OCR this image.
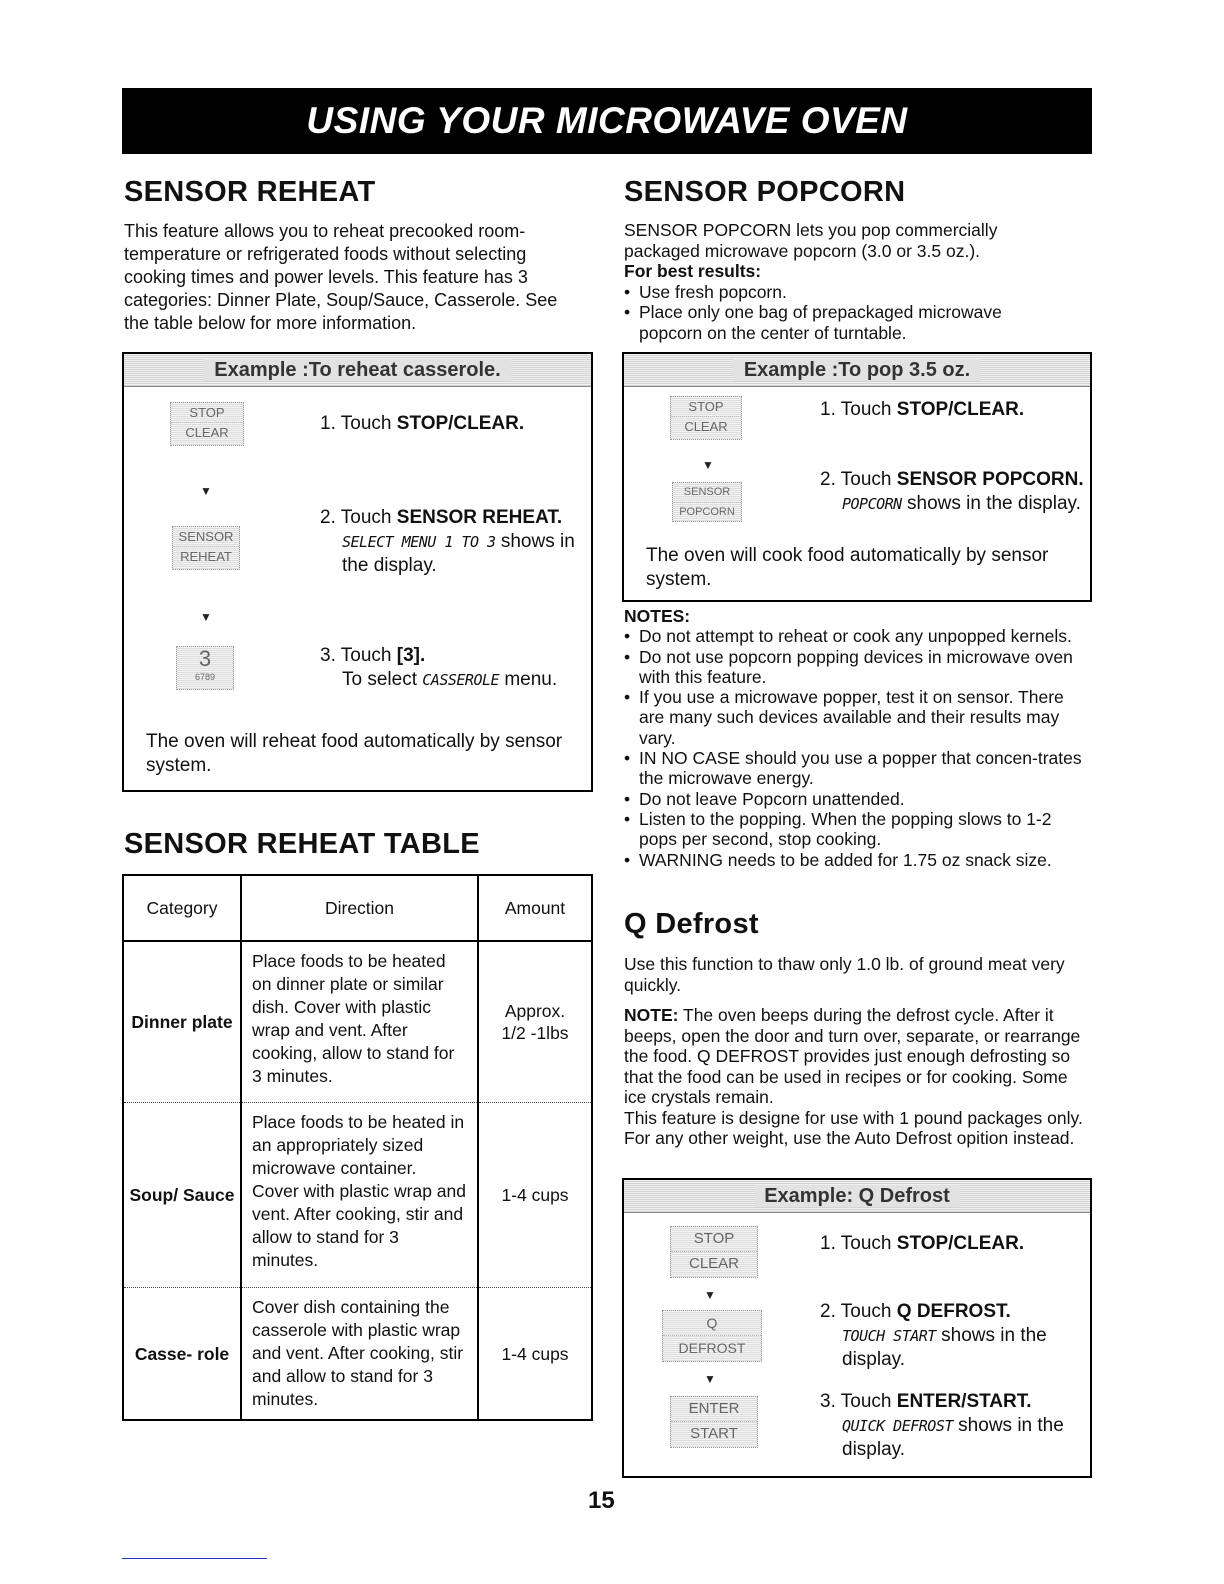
USING YOUR MICROWAVE OVEN
SENSOR REHEAT
This feature allows you to reheat precooked room-temperature or refrigerated foods without selecting cooking times and power levels. This feature has 3 categories: Dinner Plate, Soup/Sauce, Casserole. See the table below for more information.
Example :To reheat casserole.
STOP
CLEAR	1. Touch STOP/CLEAR.
▼
SENSOR
REHEAT
2. Touch SENSOR REHEAT.
SELECT MENU 1 TO 3 shows in the display.
▼
3
6789
3. Touch [3].
To select CASSEROLE menu.
The oven will reheat food automatically by sensor system.
SENSOR REHEAT TABLE
Category	Direction	Amount
Dinner plate	Place foods to be heated on dinner plate or similar dish. Cover with plastic wrap and vent. After cooking, allow to stand for 3 minutes.	Approx.
1/2 -1lbs

Soup/ Sauce	Place foods to be heated in an appropriately sized microwave container. Cover with plastic wrap and vent. After cooking, stir and allow to stand for 3 minutes.	1-4 cups
Casse- role	Cover dish containing the casserole with plastic wrap and vent. After cooking, stir and allow to stand for 3 minutes.	1-4 cups
SENSOR POPCORN
SENSOR POPCORN lets you pop commercially packaged microwave popcorn (3.0 or 3.5 oz.).
For best results:
• Use fresh popcorn.
• Place only one bag of prepackaged microwave popcorn on the center of turntable.
Example :To pop 3.5 oz.
STOP
CLEAR
1. Touch STOP/CLEAR.
▼
SENSOR
POPCORN
2. Touch SENSOR POPCORN.
POPCORN shows in the display.
The oven will cook food automatically by sensor system.
NOTES:
• Do not attempt to reheat or cook any unpopped kernels.
• Do not use popcorn popping devices in microwave oven with this feature.
• If you use a microwave popper, test it on sensor. There are many such devices available and their results may vary.
• IN NO CASE should you use a popper that concen-trates the microwave energy.
• Do not leave Popcorn unattended.
• Listen to the popping. When the popping slows to 1-2 pops per second, stop cooking.
• WARNING needs to be added for 1.75 oz snack size.
Q Defrost
Use this function to thaw only 1.0 lb. of ground meat very quickly.
NOTE: The oven beeps during the defrost cycle. After it beeps, open the door and turn over, separate, or rearrange the food. Q DEFROST provides just enough defrosting so that the food can be used in recipes or for cooking. Some ice crystals remain.
This feature is designe for use with 1 pound packages only. For any other weight, use the Auto Defrost opition instead.
Example: Q Defrost
STOP
CLEAR
1. Touch STOP/CLEAR.
▼
Q
DEFROST
2. Touch Q DEFROST.
TOUCH START shows in the display.
▼
ENTER
START
3. Touch ENTER/START.
QUICK DEFROST shows in the display.
15
